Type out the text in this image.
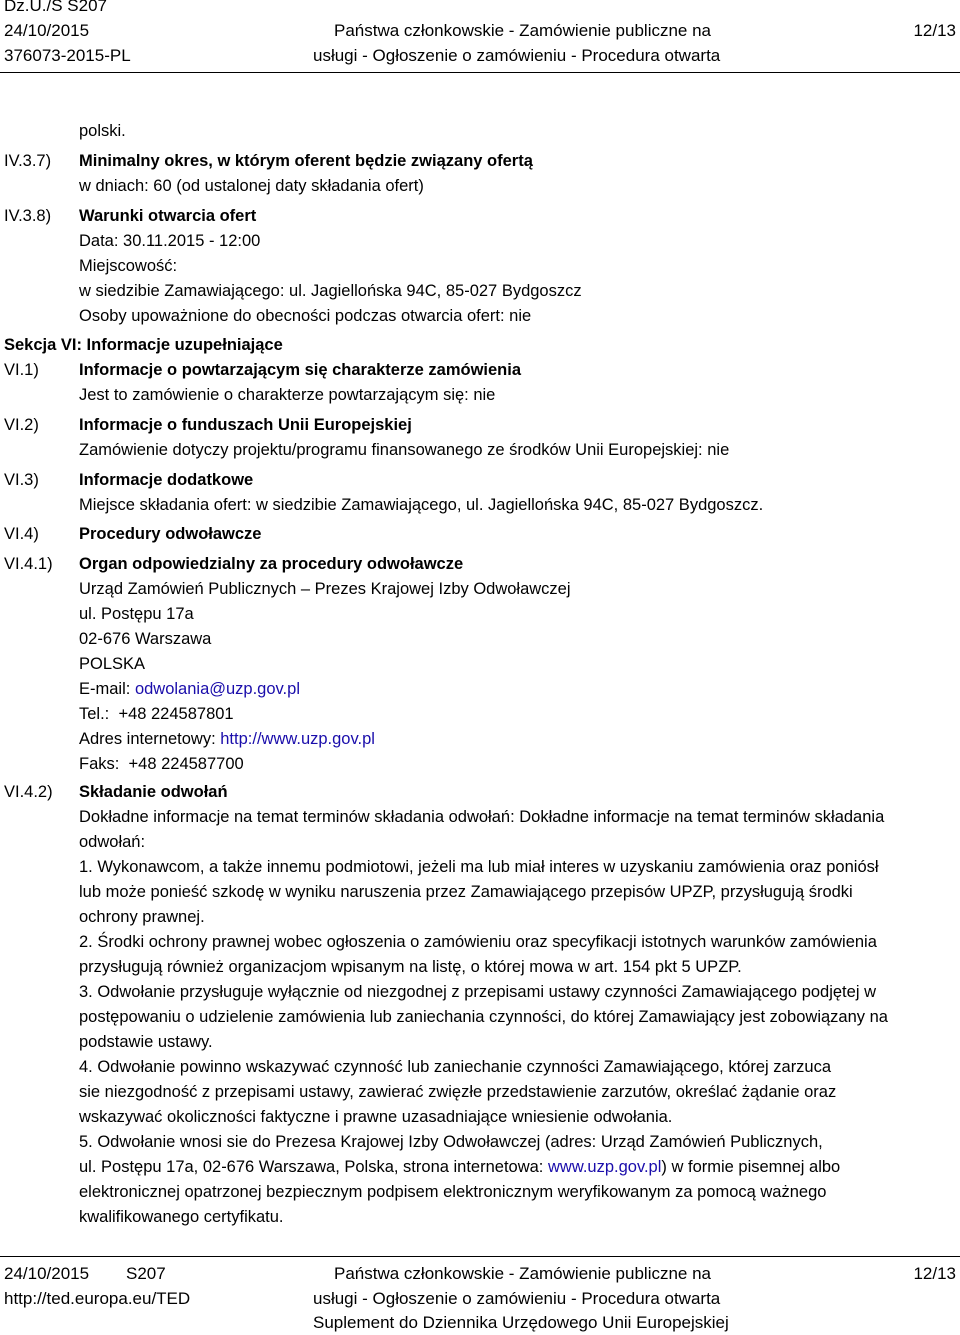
Dz.U./S S207
24/10/2015
376073-2015-PL
Państwa członkowskie - Zamówienie publiczne na
usługi - Ogłoszenie o zamówieniu - Procedura otwarta
12/13
polski.
IV.3.7) Minimalny okres, w którym oferent będzie związany ofertą
w dniach: 60 (od ustalonej daty składania ofert)
IV.3.8) Warunki otwarcia ofert
Data: 30.11.2015 - 12:00
Miejscowość:
w siedzibie Zamawiającego: ul. Jagiellońska 94C, 85-027 Bydgoszcz
Osoby upoważnione do obecności podczas otwarcia ofert: nie
Sekcja VI: Informacje uzupełniające
VI.1) Informacje o powtarzającym się charakterze zamówienia
Jest to zamówienie o charakterze powtarzającym się: nie
VI.2) Informacje o funduszach Unii Europejskiej
Zamówienie dotyczy projektu/programu finansowanego ze środków Unii Europejskiej: nie
VI.3) Informacje dodatkowe
Miejsce składania ofert: w siedzibie Zamawiającego, ul. Jagiellońska 94C, 85-027 Bydgoszcz.
VI.4) Procedury odwoławcze
VI.4.1) Organ odpowiedzialny za procedury odwoławcze
Urząd Zamówień Publicznych – Prezes Krajowej Izby Odwoławczej
ul. Postępu 17a
02-676 Warszawa
POLSKA
E-mail: odwolania@uzp.gov.pl
Tel.: +48 224587801
Adres internetowy: http://www.uzp.gov.pl
Faks: +48 224587700
VI.4.2) Składanie odwołań
Dokładne informacje na temat terminów składania odwołań: Dokładne informacje na temat terminów składania
odwołań:
1. Wykonawcom, a także innemu podmiotowi, jeżeli ma lub miał interes w uzyskaniu zamówienia oraz poniósł
lub może ponieść szkodę w wyniku naruszenia przez Zamawiającego przepisów UPZP, przysługują środki
ochrony prawnej.
2. Środki ochrony prawnej wobec ogłoszenia o zamówieniu oraz specyfikacji istotnych warunków zamówienia
przysługują również organizacjom wpisanym na listę, o której mowa w art. 154 pkt 5 UPZP.
3. Odwołanie przysługuje wyłącznie od niezgodnej z przepisami ustawy czynności Zamawiającego podjętej w
postępowaniu o udzielenie zamówienia lub zaniechania czynności, do której Zamawiający jest zobowiązany na
podstawie ustawy.
4. Odwołanie powinno wskazywać czynność lub zaniechanie czynności Zamawiającego, której zarzuca
sie niezgodność z przepisami ustawy, zawierać zwięzłe przedstawienie zarzutów, określać żądanie oraz
wskazywać okoliczności faktyczne i prawne uzasadniające wniesienie odwołania.
5. Odwołanie wnosi sie do Prezesa Krajowej Izby Odwoławczej (adres: Urząd Zamówień Publicznych,
ul. Postępu 17a, 02-676 Warszawa, Polska, strona internetowa: www.uzp.gov.pl) w formie pisemnej albo
elektronicznej opatrzonej bezpiecznym podpisem elektronicznym weryfikowanym za pomocą ważnego
kwalifikowanego certyfikatu.
24/10/2015 S207
http://ted.europa.eu/TED
Państwa członkowskie - Zamówienie publiczne na
usługi - Ogłoszenie o zamówieniu - Procedura otwarta
Suplement do Dziennika Urzędowego Unii Europejskiej
12/13
